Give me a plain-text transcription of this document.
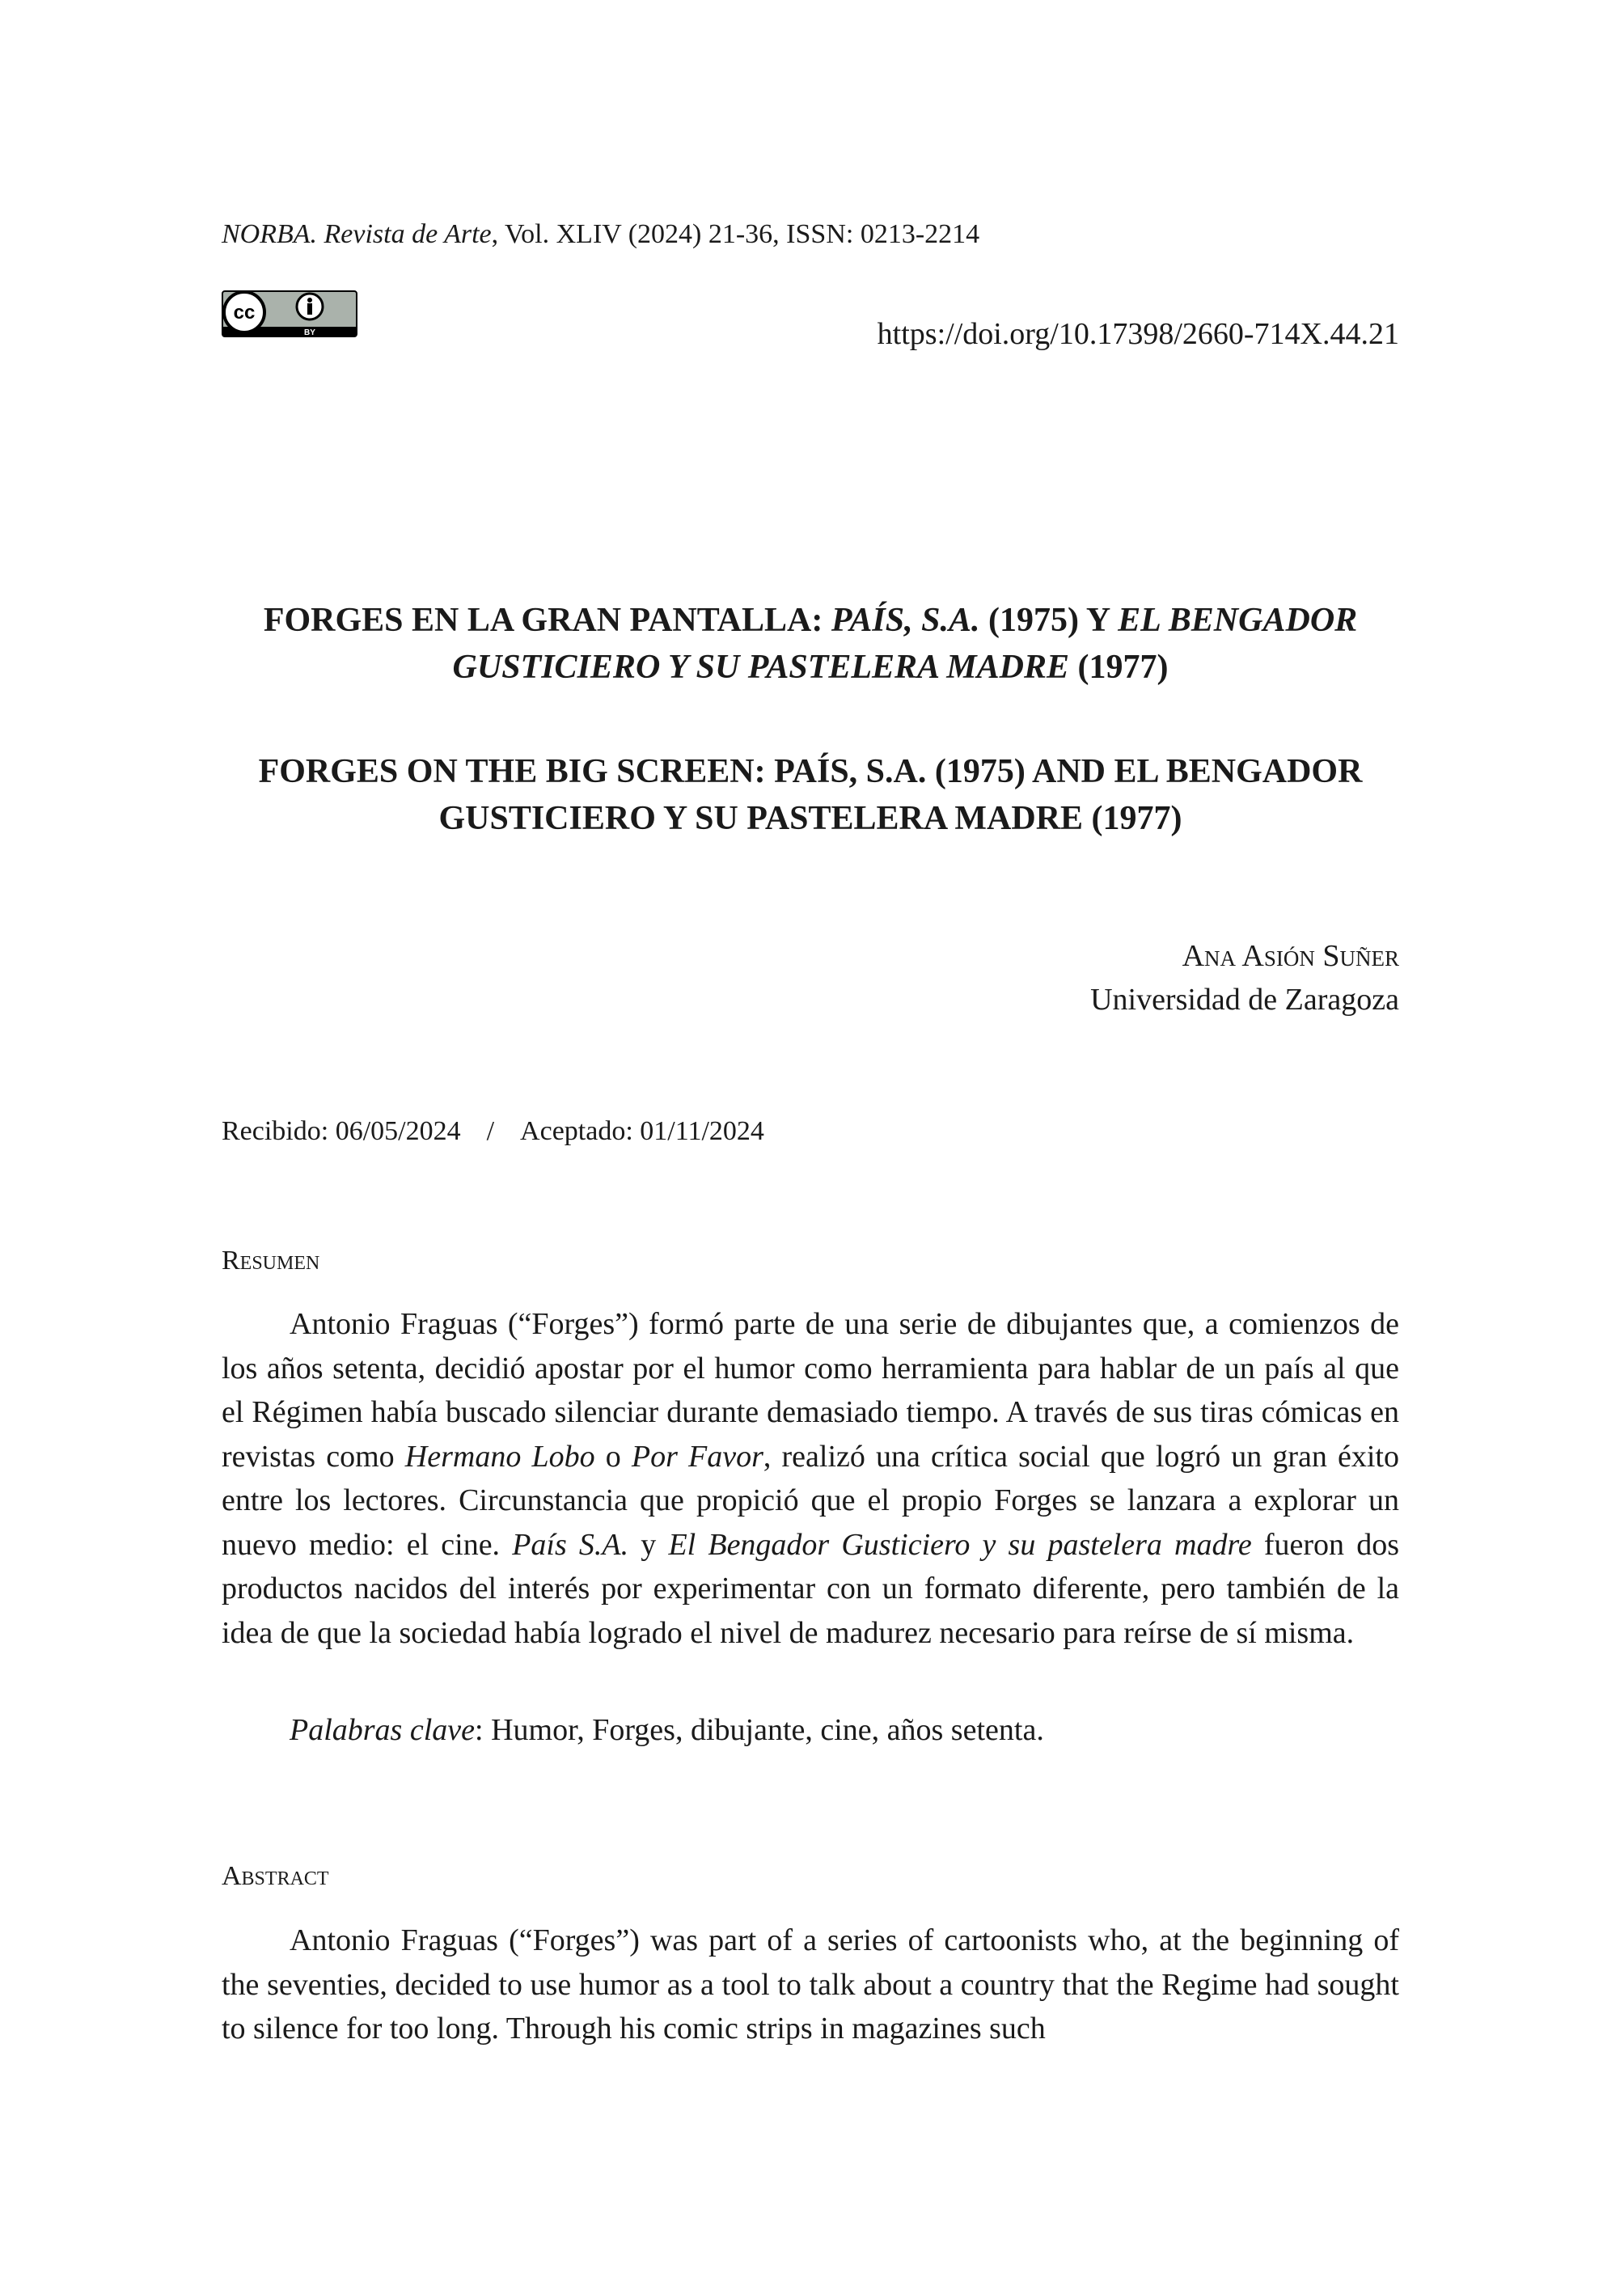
NORBA. Revista de Arte, Vol. XLIV (2024) 21-36, ISSN: 0213-2214
cc
BY	https://doi.org/10.17398/2660-714X.44.21
FORGES EN LA GRAN PANTALLA: PAÍS, S.A. (1975) Y EL BENGADOR GUSTICIERO Y SU PASTELERA MADRE (1977)
FORGES ON THE BIG SCREEN: PAÍS, S.A. (1975) AND EL BENGADOR GUSTICIERO Y SU PASTELERA MADRE (1977)
Ana Asión Suñer
Universidad de Zaragoza
Recibido: 06/05/2024 / Aceptado: 01/11/2024
Resumen
Antonio Fraguas (“Forges”) formó parte de una serie de dibujantes que, a comienzos de los años setenta, decidió apostar por el humor como herramienta para hablar de un país al que el Régimen había buscado silenciar durante demasiado tiempo. A través de sus tiras cómicas en revistas como Hermano Lobo o Por Favor, realizó una crítica social que logró un gran éxito entre los lectores. Circunstancia que propició que el propio Forges se lanzara a explorar un nuevo medio: el cine. País S.A. y El Bengador Gusticiero y su pastelera madre fueron dos productos nacidos del interés por experimentar con un formato diferente, pero también de la idea de que la sociedad había logrado el nivel de madurez necesario para reírse de sí misma.
Palabras clave: Humor, Forges, dibujante, cine, años setenta.
Abstract
Antonio Fraguas (“Forges”) was part of a series of cartoonists who, at the beginning of the seventies, decided to use humor as a tool to talk about a country that the Regime had sought to silence for too long. Through his comic strips in magazines such
